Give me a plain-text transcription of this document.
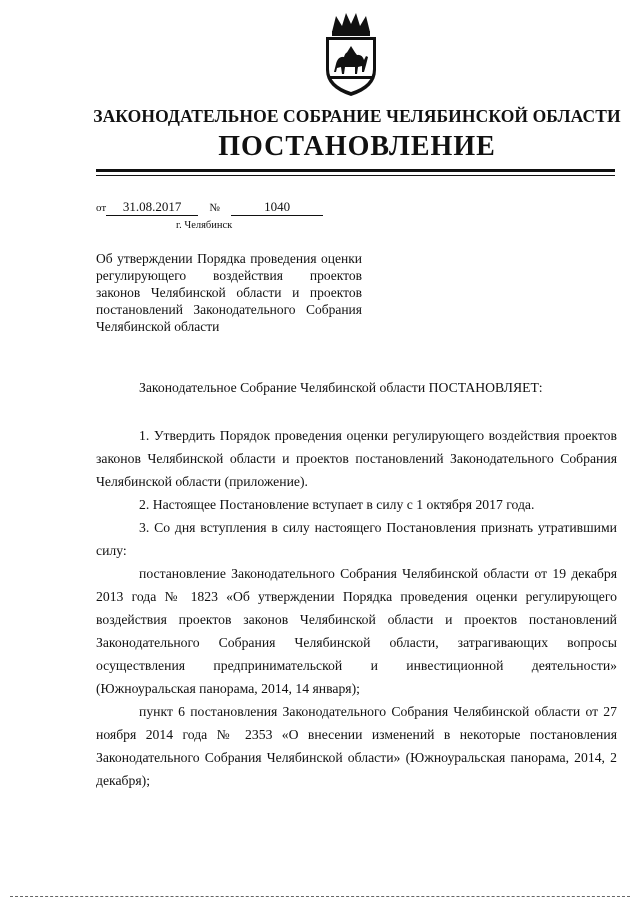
ЗАКОНОДАТЕЛЬНОЕ СОБРАНИЕ ЧЕЛЯБИНСКОЙ ОБЛАСТИ
ПОСТАНОВЛЕНИЕ
от 31.08.2017	№	1040
г. Челябинск
Об утверждении Порядка проведения оценки регулирующего воздействия проектов законов Челябинской области и проектов постановлений Законодательного Собрания Челябинской области

Законодательное Собрание Челябинской области ПОСТАНОВЛЯЕТ:

1. Утвердить Порядок проведения оценки регулирующего воздействия проектов законов Челябинской области и проектов постановлений Законодательного Собрания Челябинской области (приложение).

2. Настоящее Постановление вступает в силу с 1 октября 2017 года.

3. Со дня вступления в силу настоящего Постановления признать утратившими силу:

постановление Законодательного Собрания Челябинской области от 19 декабря 2013 года № 1823 «Об утверждении Порядка проведения оценки регулирующего воздействия проектов законов Челябинской области и проектов постановлений Законодательного Собрания Челябинской области, затрагивающих вопросы осуществления предпринимательской и инвестиционной деятельности» (Южноуральская панорама, 2014, 14 января);

пункт 6 постановления Законодательного Собрания Челябинской области от 27 ноября 2014 года № 2353 «О внесении изменений в некоторые постановления Законодательного Собрания Челябинской области» (Южноуральская панорама, 2014, 2 декабря);
